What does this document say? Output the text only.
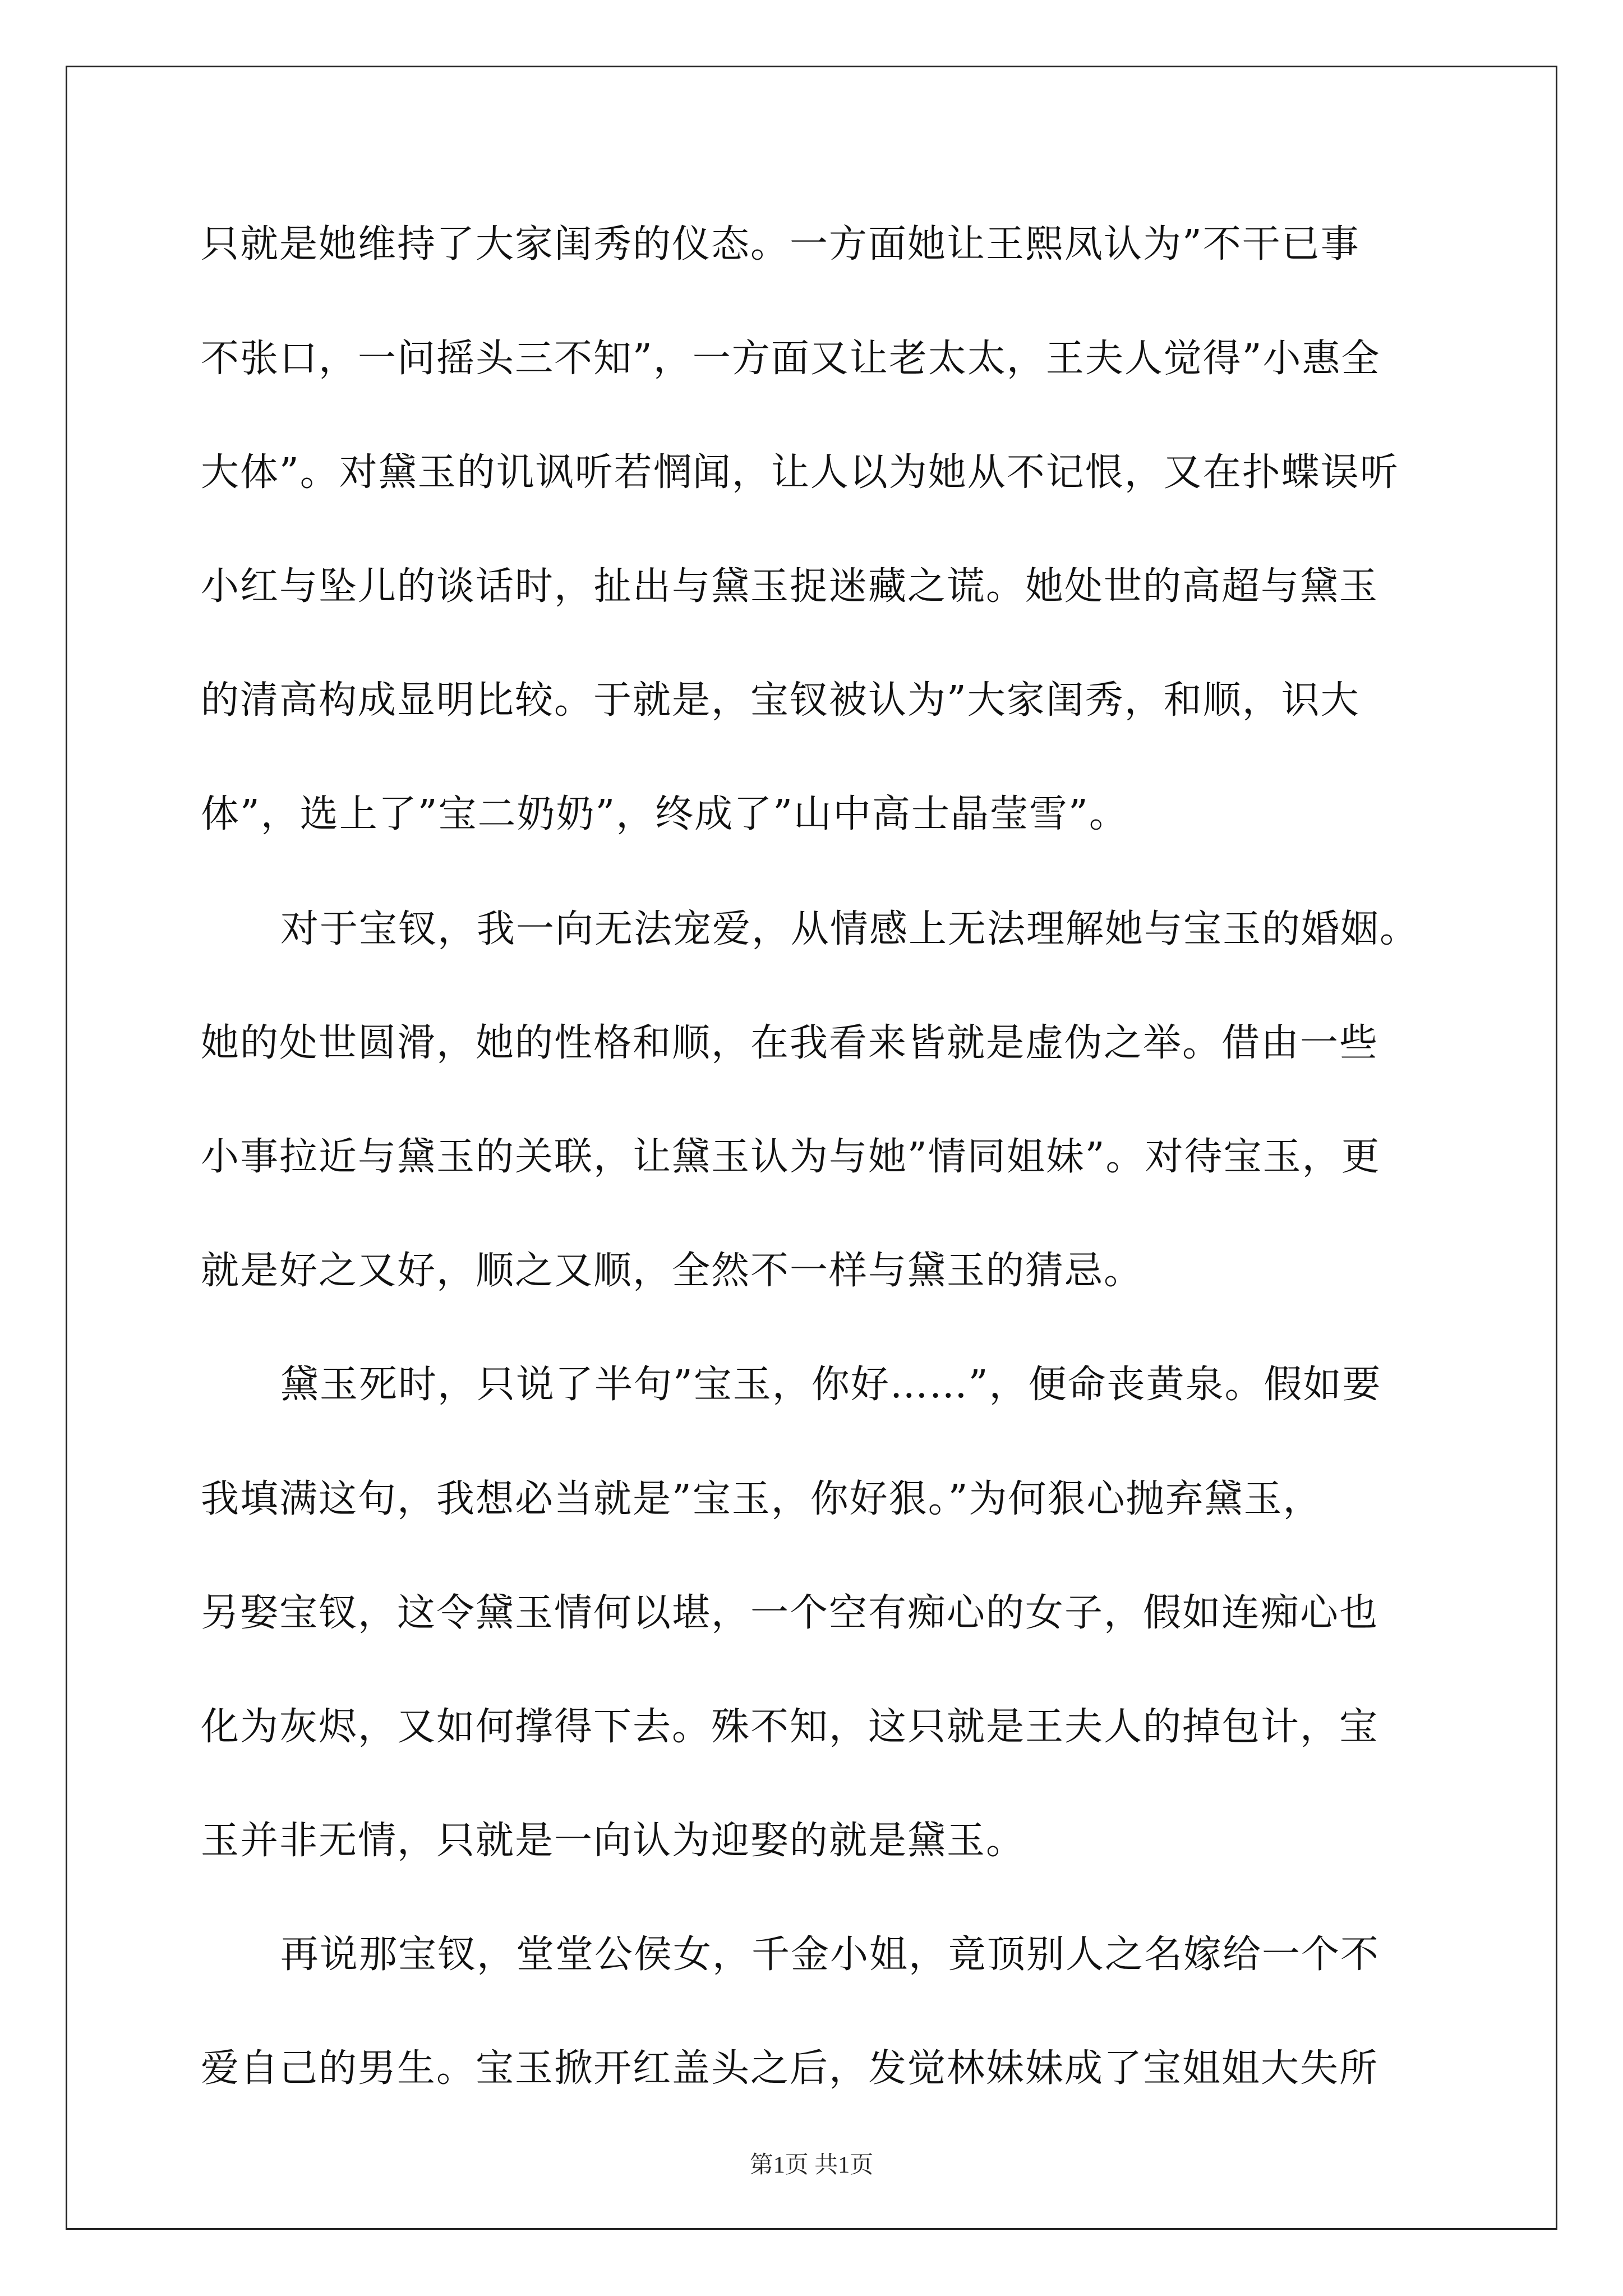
只就是她维持了大家闺秀的仪态。一方面她让王熙凤认为”不干已事
不张口，一问摇头三不知”，一方面又让老太太，王夫人觉得”小惠全
大体”。对黛玉的讥讽听若惘闻，让人以为她从不记恨，又在扑蝶误听
小红与坠儿的谈话时，扯出与黛玉捉迷藏之谎。她处世的高超与黛玉
的清高构成显明比较。于就是，宝钗被认为”大家闺秀，和顺，识大
体”，选上了”宝二奶奶”，终成了”山中高士晶莹雪”。
对于宝钗，我一向无法宠爱，从情感上无法理解她与宝玉的婚姻。
她的处世圆滑，她的性格和顺，在我看来皆就是虚伪之举。借由一些
小事拉近与黛玉的关联，让黛玉认为与她”情同姐妹”。对待宝玉，更
就是好之又好，顺之又顺，全然不一样与黛玉的猜忌。
黛玉死时，只说了半句”宝玉，你好……”，便命丧黄泉。假如要
我填满这句，我想必当就是”宝玉，你好狠。”为何狠心抛弃黛玉，
另娶宝钗，这令黛玉情何以堪，一个空有痴心的女子，假如连痴心也
化为灰烬，又如何撑得下去。殊不知，这只就是王夫人的掉包计，宝
玉并非无情，只就是一向认为迎娶的就是黛玉。
再说那宝钗，堂堂公侯女，千金小姐，竟顶别人之名嫁给一个不
爱自己的男生。宝玉掀开红盖头之后，发觉林妹妹成了宝姐姐大失所
第1页 共1页
